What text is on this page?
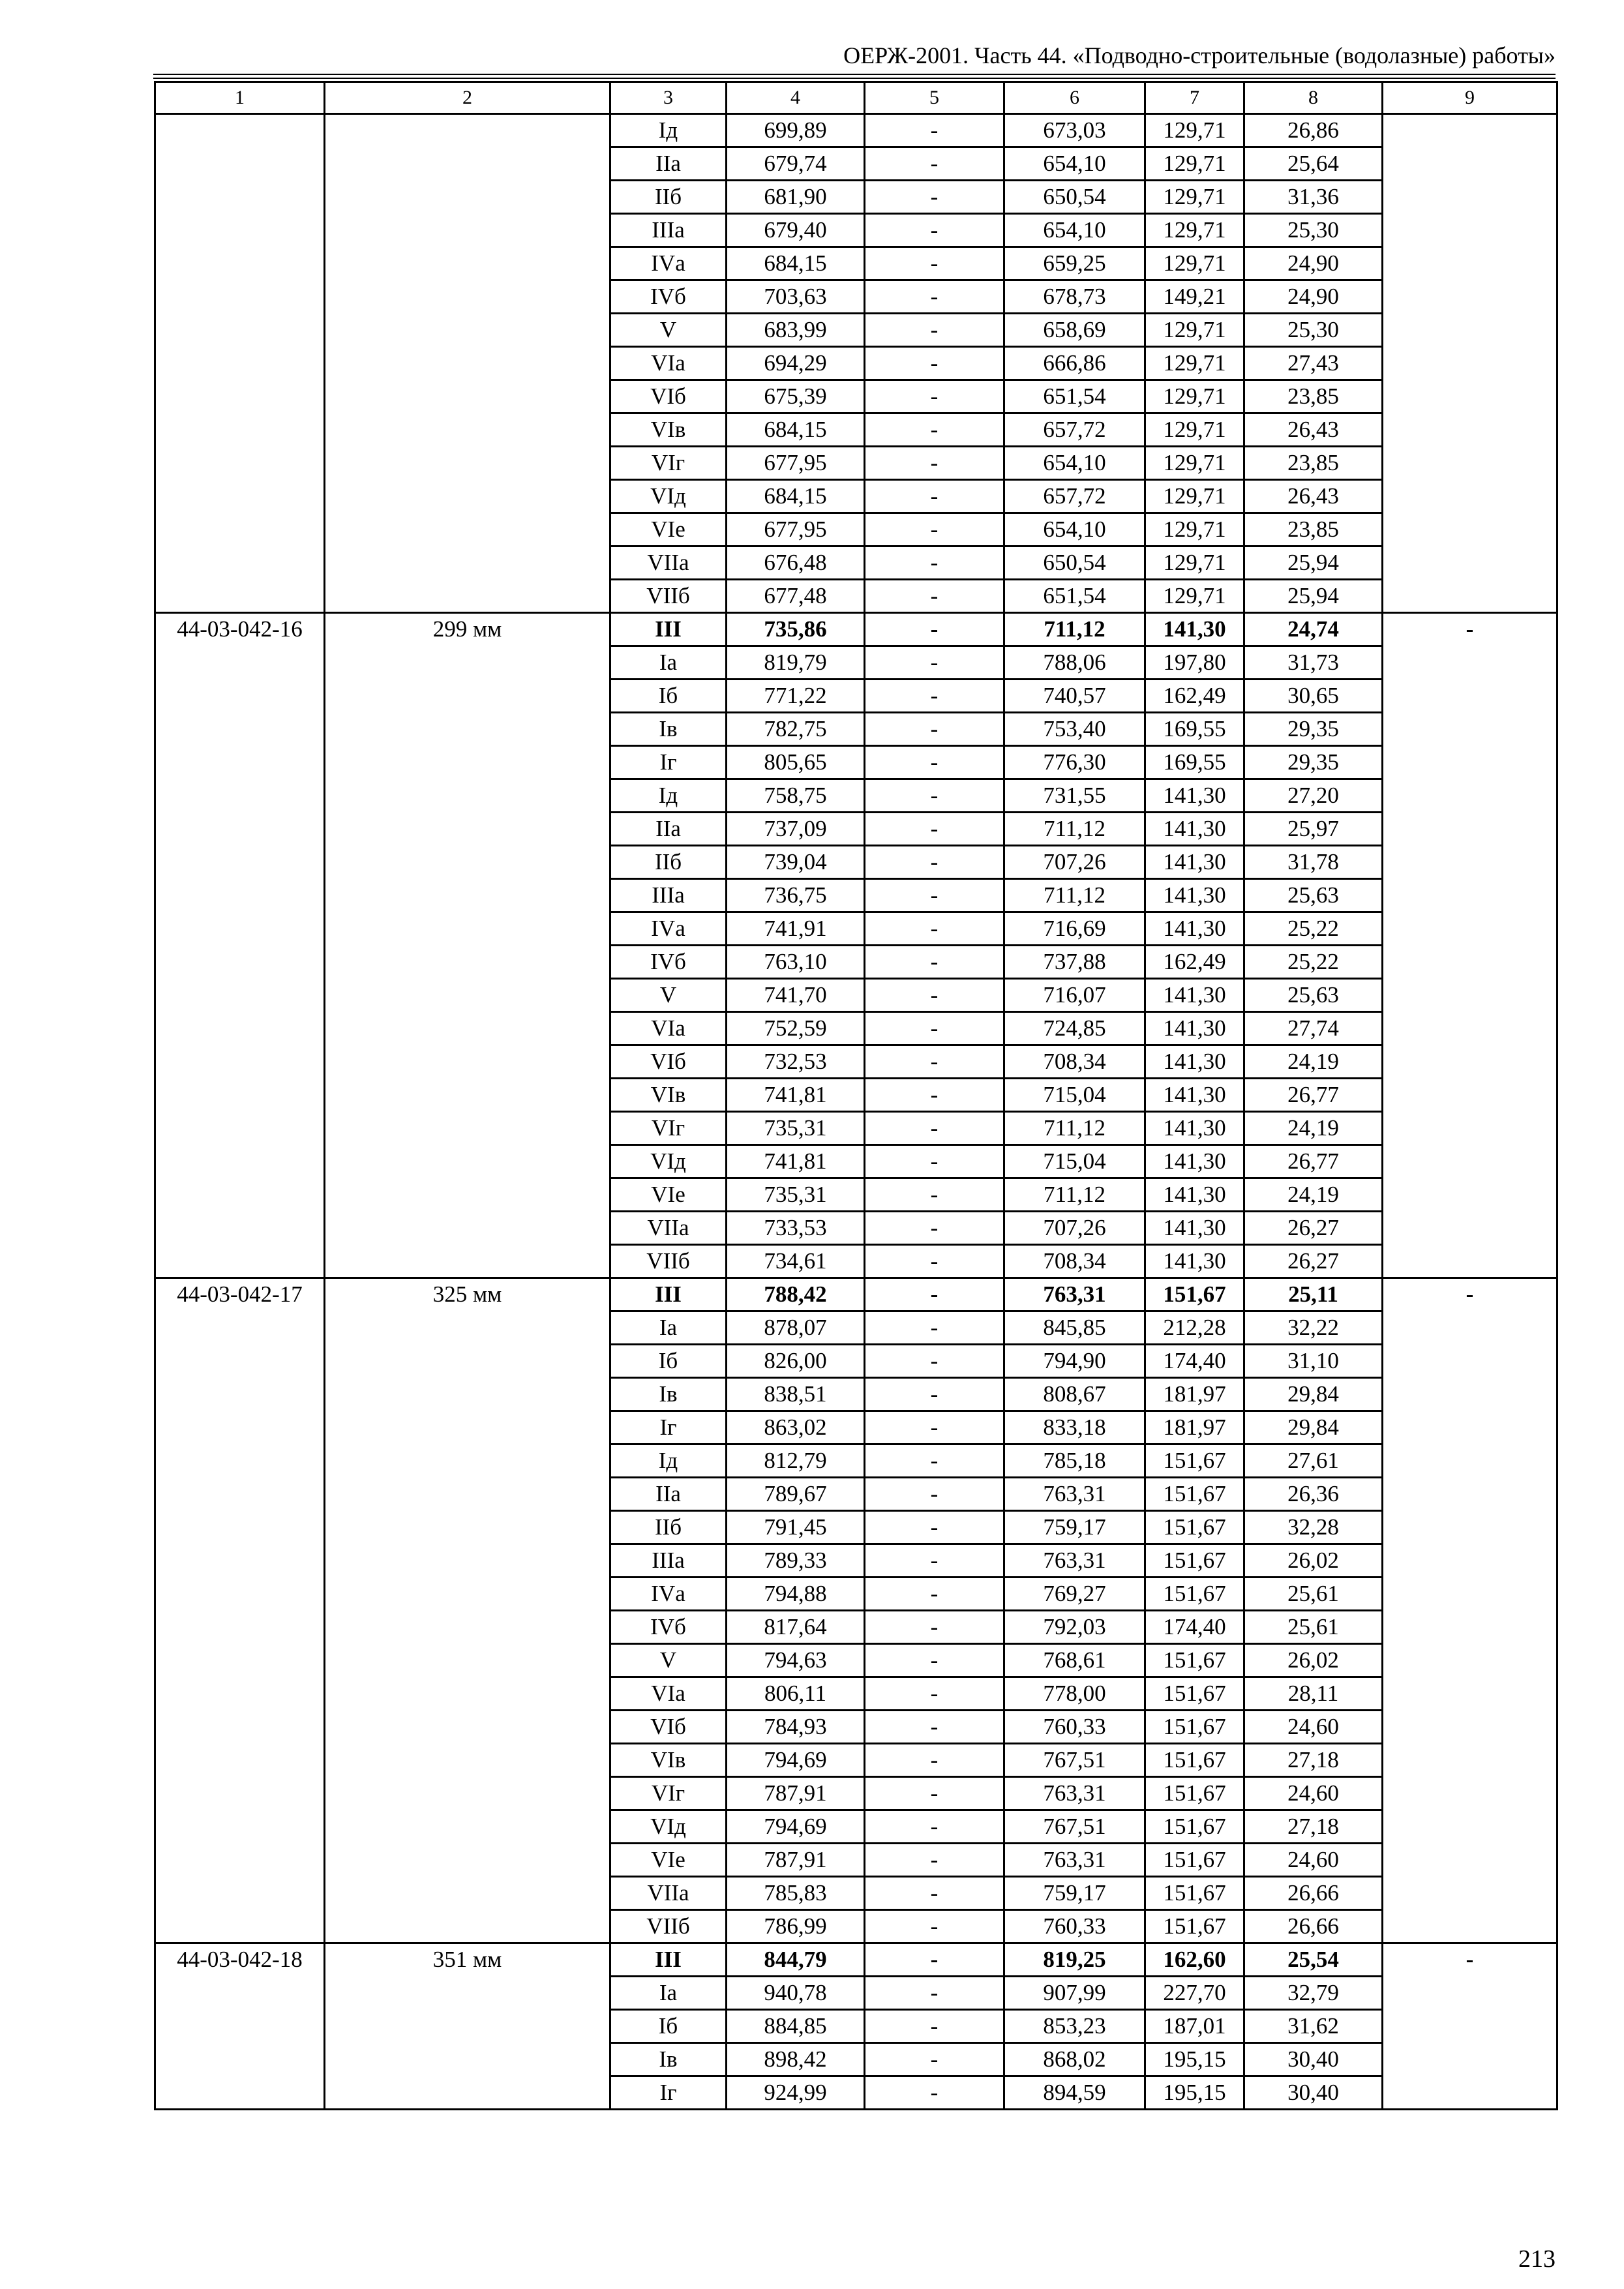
ОЕРЖ-2001. Часть 44. «Подводно-строительные (водолазные) работы»
1	2	3	4	5	6	7	8	9
		Iд	699,89	-	673,03	129,71	26,86	
		IIа	679,74	-	654,10	129,71	25,64	
		IIб	681,90	-	650,54	129,71	31,36	
		IIIа	679,40	-	654,10	129,71	25,30	
		IVа	684,15	-	659,25	129,71	24,90	
		IVб	703,63	-	678,73	149,21	24,90	
		V	683,99	-	658,69	129,71	25,30	
		VIа	694,29	-	666,86	129,71	27,43	
		VIб	675,39	-	651,54	129,71	23,85	
		VIв	684,15	-	657,72	129,71	26,43	
		VIг	677,95	-	654,10	129,71	23,85	
		VIд	684,15	-	657,72	129,71	26,43	
		VIе	677,95	-	654,10	129,71	23,85	
		VIIа	676,48	-	650,54	129,71	25,94	
		VIIб	677,48	-	651,54	129,71	25,94	
44-03-042-16	299 мм	III	735,86	-	711,12	141,30	24,74	-
		Iа	819,79	-	788,06	197,80	31,73	
		Iб	771,22	-	740,57	162,49	30,65	
		Iв	782,75	-	753,40	169,55	29,35	
		Iг	805,65	-	776,30	169,55	29,35	
		Iд	758,75	-	731,55	141,30	27,20	
		IIа	737,09	-	711,12	141,30	25,97	
		IIб	739,04	-	707,26	141,30	31,78	
		IIIа	736,75	-	711,12	141,30	25,63	
		IVа	741,91	-	716,69	141,30	25,22	
		IVб	763,10	-	737,88	162,49	25,22	
		V	741,70	-	716,07	141,30	25,63	
		VIа	752,59	-	724,85	141,30	27,74	
		VIб	732,53	-	708,34	141,30	24,19	
		VIв	741,81	-	715,04	141,30	26,77	
		VIг	735,31	-	711,12	141,30	24,19	
		VIд	741,81	-	715,04	141,30	26,77	
		VIе	735,31	-	711,12	141,30	24,19	
		VIIа	733,53	-	707,26	141,30	26,27	
		VIIб	734,61	-	708,34	141,30	26,27	
44-03-042-17	325 мм	III	788,42	-	763,31	151,67	25,11	-
		Iа	878,07	-	845,85	212,28	32,22	
		Iб	826,00	-	794,90	174,40	31,10	
		Iв	838,51	-	808,67	181,97	29,84	
		Iг	863,02	-	833,18	181,97	29,84	
		Iд	812,79	-	785,18	151,67	27,61	
		IIа	789,67	-	763,31	151,67	26,36	
		IIб	791,45	-	759,17	151,67	32,28	
		IIIа	789,33	-	763,31	151,67	26,02	
		IVа	794,88	-	769,27	151,67	25,61	
		IVб	817,64	-	792,03	174,40	25,61	
		V	794,63	-	768,61	151,67	26,02	
		VIа	806,11	-	778,00	151,67	28,11	
		VIб	784,93	-	760,33	151,67	24,60	
		VIв	794,69	-	767,51	151,67	27,18	
		VIг	787,91	-	763,31	151,67	24,60	
		VIд	794,69	-	767,51	151,67	27,18	
		VIе	787,91	-	763,31	151,67	24,60	
		VIIа	785,83	-	759,17	151,67	26,66	
		VIIб	786,99	-	760,33	151,67	26,66	
44-03-042-18	351 мм	III	844,79	-	819,25	162,60	25,54	-
		Iа	940,78	-	907,99	227,70	32,79	
		Iб	884,85	-	853,23	187,01	31,62	
		Iв	898,42	-	868,02	195,15	30,40	
		Iг	924,99	-	894,59	195,15	30,40	
213
